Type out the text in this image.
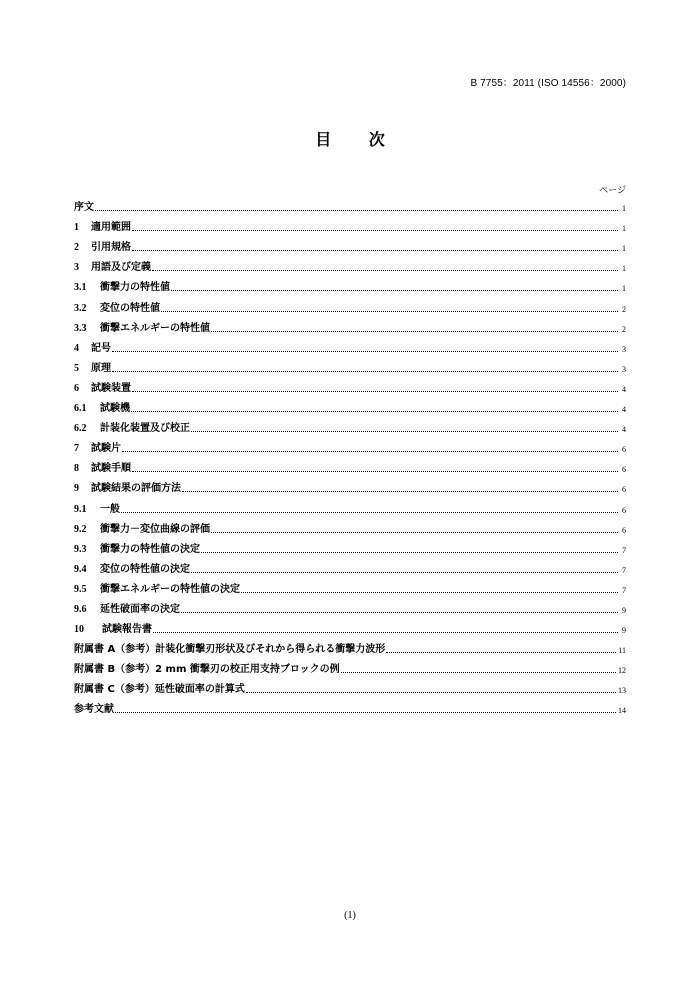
B 7755：2011 (ISO 14556：2000)
目 次
ページ
序文	1
1	適用範囲	1
2	引用規格	1
3	用語及び定義	1
3.1	衝撃力の特性値	1
3.2	変位の特性値	2
3.3	衝撃エネルギーの特性値	2
4	記号	3
5	原理	3
6	試験装置	4
6.1	試験機	4
6.2	計装化装置及び校正	4
7	試験片	6
8	試験手順	6
9	試験結果の評価方法	6
9.1	一般	6
9.2	衝撃力－変位曲線の評価	6
9.3	衝撃力の特性値の決定	7
9.4	変位の特性値の決定	7
9.5	衝撃エネルギーの特性値の決定	7
9.6	延性破面率の決定	9
10	試験報告書	9
附属書 A（参考）計装化衝撃刃形状及びそれから得られる衝撃力波形	11
附属書 B（参考）2 mm 衝撃刃の校正用支持ブロックの例	12
附属書 C（参考）延性破面率の計算式	13
参考文献	14
(1)
